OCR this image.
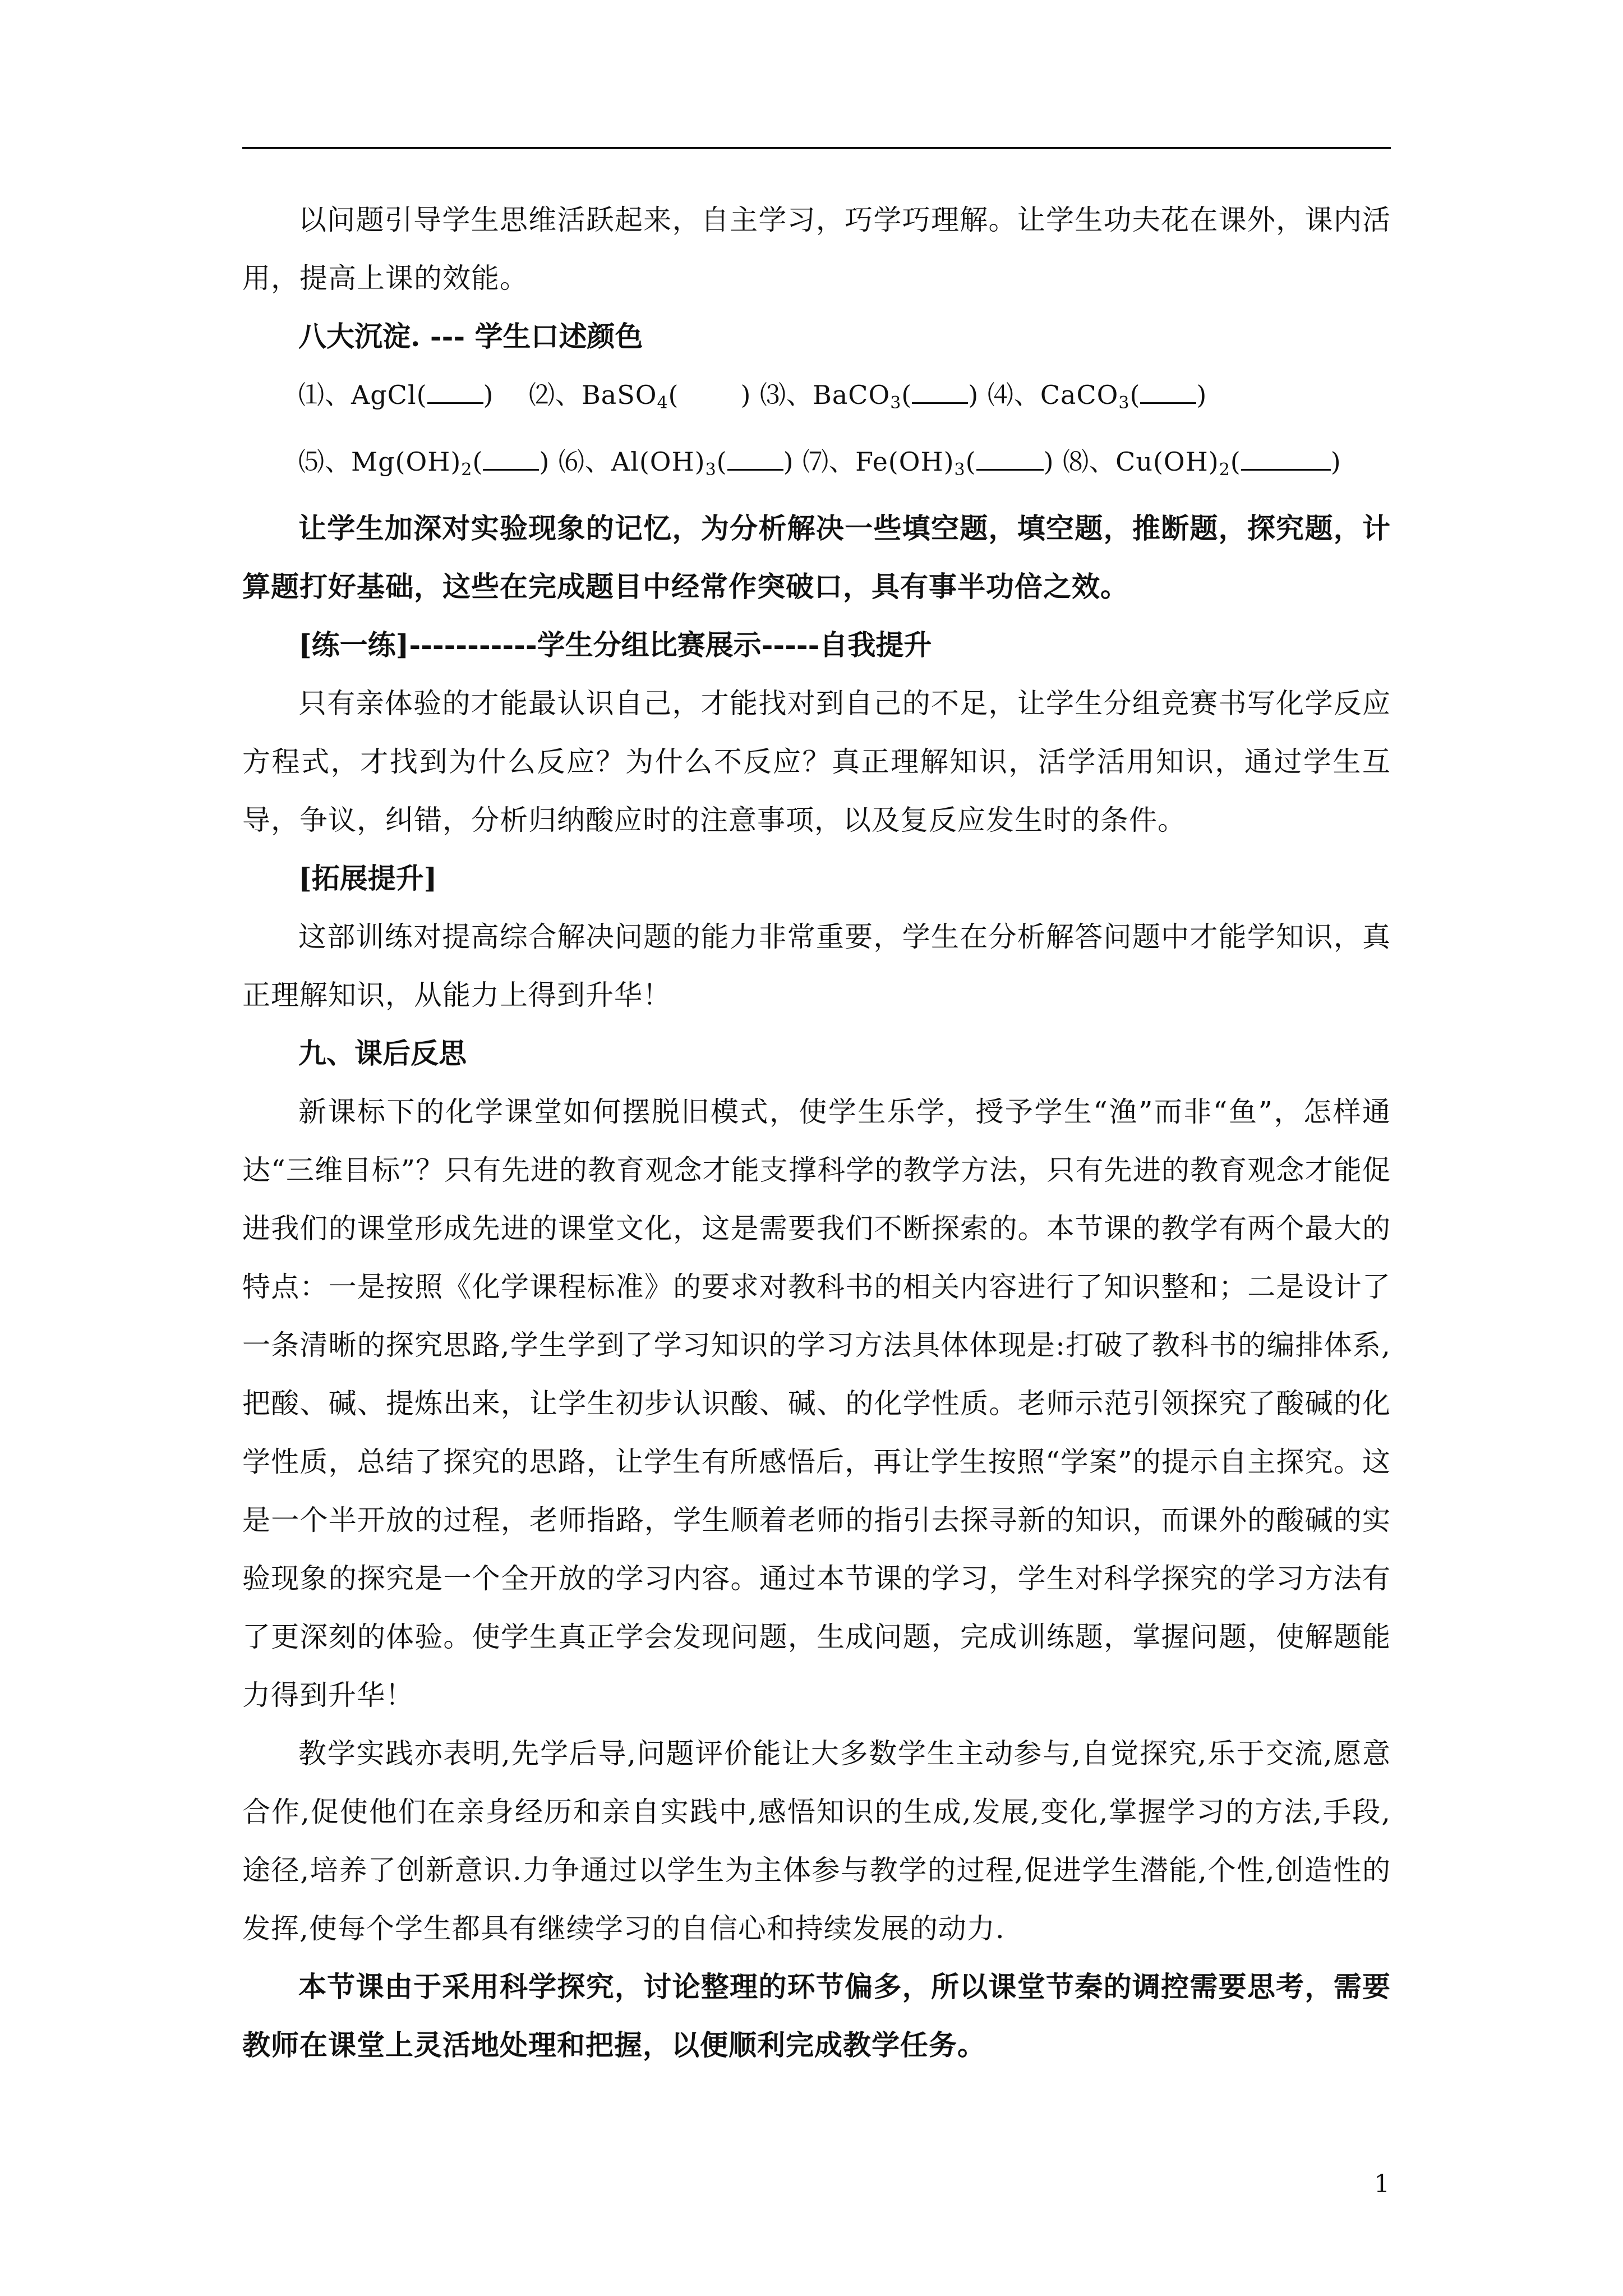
以问题引导学生思维活跃起来，自主学习，巧学巧理解。让学生功夫花在课外，课内活用，提高上课的效能。

八大沉淀. --- 学生口述颜色

⑴、AgCl( ) ⑵、BaSO$_4$( ) ⑶、BaCO$_3$( ) ⑷、CaCO$_3$( )

⑸、$Mg(OH)_2$( ) ⑹、$Al(OH)_3$( ) ⑺、$Fe(OH)_3$(	) ⑻、$Cu(OH)_2$(	)

让学生加深对实验现象的记忆，为分析解决一些填空题，填空题，推断题，探究题，计算题打好基础，这些在完成题目中经常作突破口，具有事半功倍之效。

[练一练]-----------学生分组比赛展示-----自我提升

只有亲体验的才能最认识自己，才能找对到自己的不足，让学生分组竞赛书写化学反应方程式，才找到为什么反应？为什么不反应？真正理解知识，活学活用知识，通过学生互导，争议，纠错，分析归纳酸应时的注意事项，以及复反应发生时的条件。

[拓展提升]

这部训练对提高综合解决问题的能力非常重要，学生在分析解答问题中才能学知识，真正理解知识，从能力上得到升华！

九、课后反思

新课标下的化学课堂如何摆脱旧模式，使学生乐学，授予学生“渔”而非“鱼”，怎样通达“三维目标”？只有先进的教育观念才能支撑科学的教学方法，只有先进的教育观念才能促进我们的课堂形成先进的课堂文化，这是需要我们不断探索的。本节课的教学有两个最大的特点：一是按照《化学课程标准》的要求对教科书的相关内容进行了知识整和；二是设计了一条清晰的探究思路,学生学到了学习知识的学习方法具体体现是:打破了教科书的编排体系,把酸、碱、提炼出来，让学生初步认识酸、碱、的化学性质。老师示范引领探究了酸碱的化学性质，总结了探究的思路，让学生有所感悟后，再让学生按照“学案”的提示自主探究。这是一个半开放的过程，老师指路，学生顺着老师的指引去探寻新的知识，而课外的酸碱的实验现象的探究是一个全开放的学习内容。通过本节课的学习，学生对科学探究的学习方法有了更深刻的体验。使学生真正学会发现问题，生成问题，完成训练题，掌握问题，使解题能力得到升华！

教学实践亦表明,先学后导,问题评价能让大多数学生主动参与,自觉探究,乐于交流,愿意合作,促使他们在亲身经历和亲自实践中,感悟知识的生成,发展,变化,掌握学习的方法,手段,途径,培养了创新意识.力争通过以学生为主体参与教学的过程,促进学生潜能,个性,创造性的发挥,使每个学生都具有继续学习的自信心和持续发展的动力.

本节课由于采用科学探究，讨论整理的环节偏多，所以课堂节秦的调控需要思考，需要教师在课堂上灵活地处理和把握，以便顺利完成教学任务。

1
